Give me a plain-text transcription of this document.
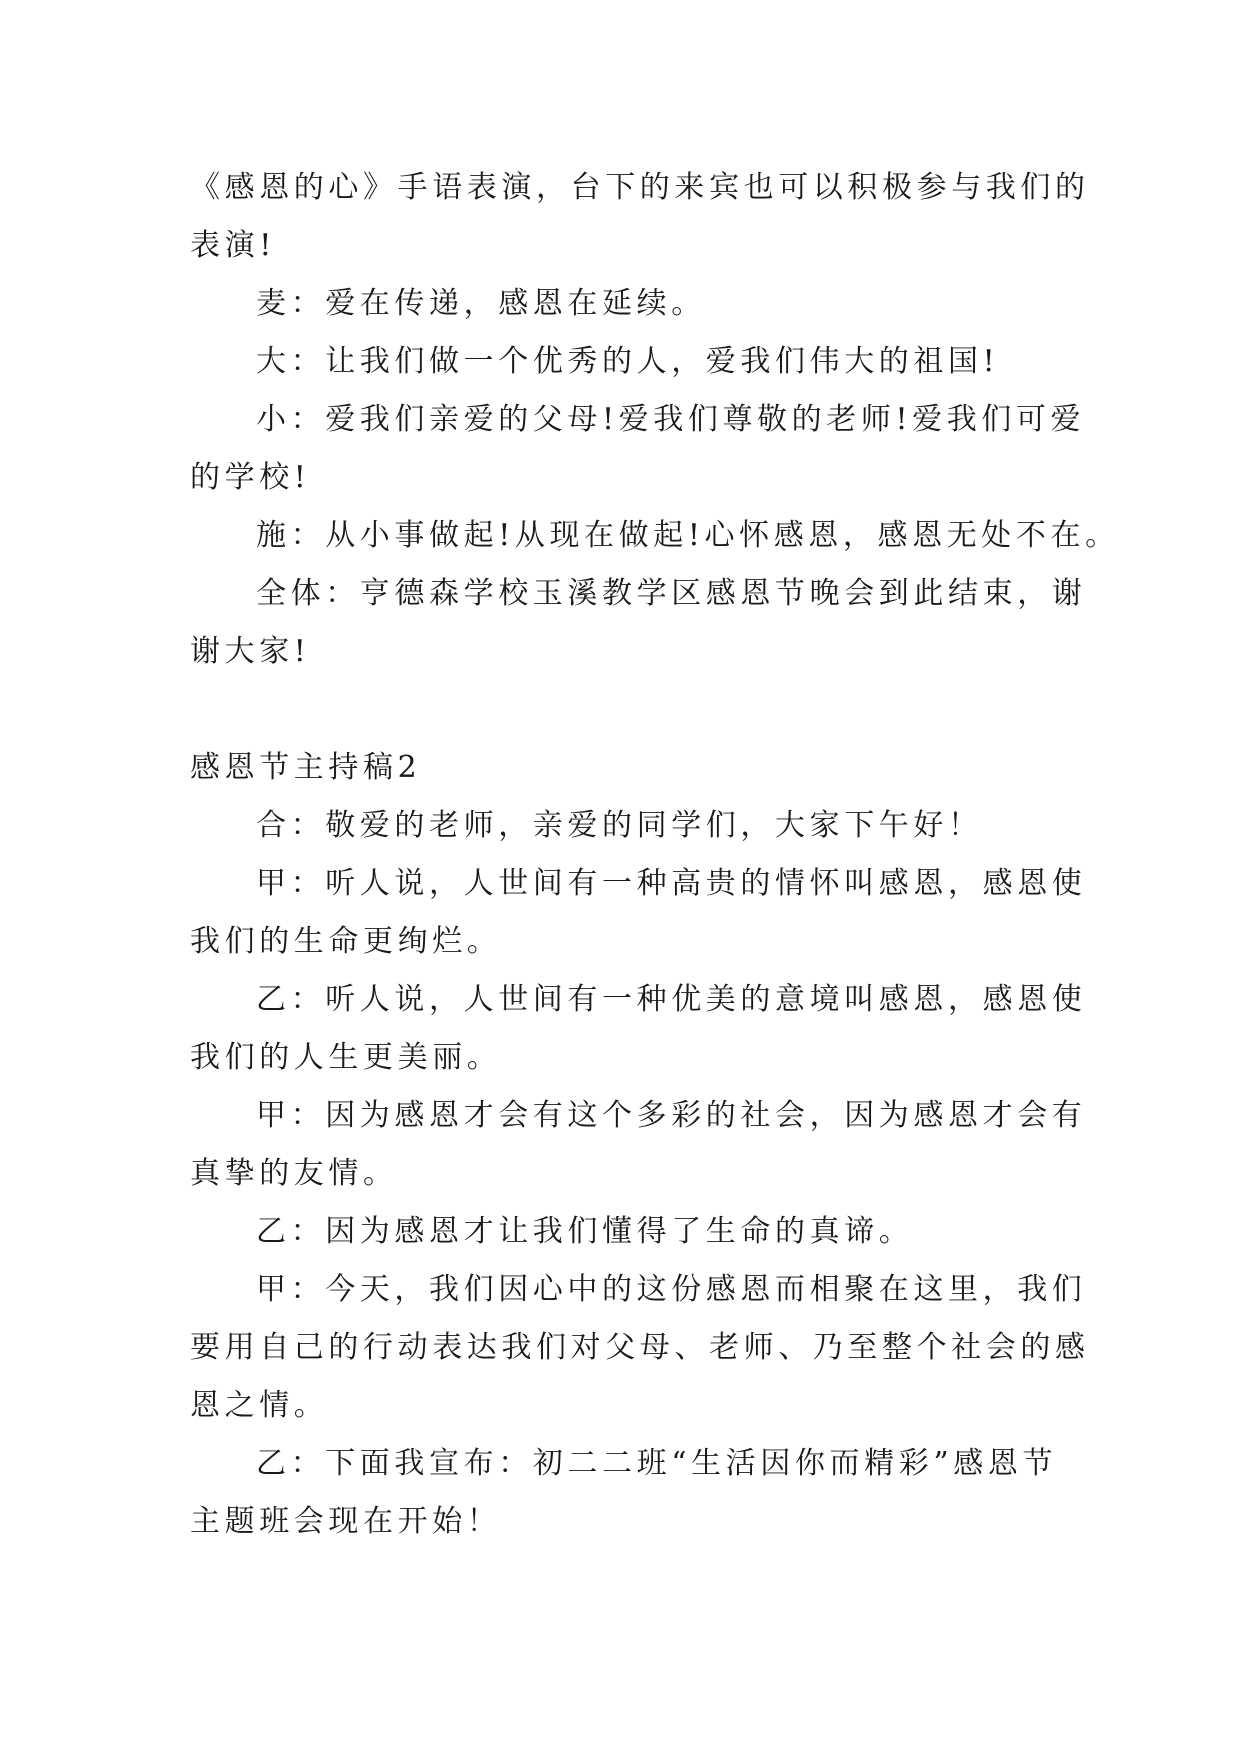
《感恩的心》手语表演，台下的来宾也可以积极参与我们的
表演!
麦：爱在传递，感恩在延续。
大：让我们做一个优秀的人，爱我们伟大的祖国!
小：爱我们亲爱的父母!爱我们尊敬的老师!爱我们可爱
的学校!
施：从小事做起!从现在做起!心怀感恩，感恩无处不在。
全体：亨德森学校玉溪教学区感恩节晚会到此结束，谢
谢大家!
感恩节主持稿2
合：敬爱的老师，亲爱的同学们，大家下午好！
甲：听人说，人世间有一种高贵的情怀叫感恩，感恩使
我们的生命更绚烂。
乙：听人说，人世间有一种优美的意境叫感恩，感恩使
我们的人生更美丽。
甲：因为感恩才会有这个多彩的社会，因为感恩才会有
真挚的友情。
乙：因为感恩才让我们懂得了生命的真谛。
甲：今天，我们因心中的这份感恩而相聚在这里，我们
要用自己的行动表达我们对父母、老师、乃至整个社会的感
恩之情。
乙：下面我宣布：初二二班“生活因你而精彩”感恩节
主题班会现在开始！
